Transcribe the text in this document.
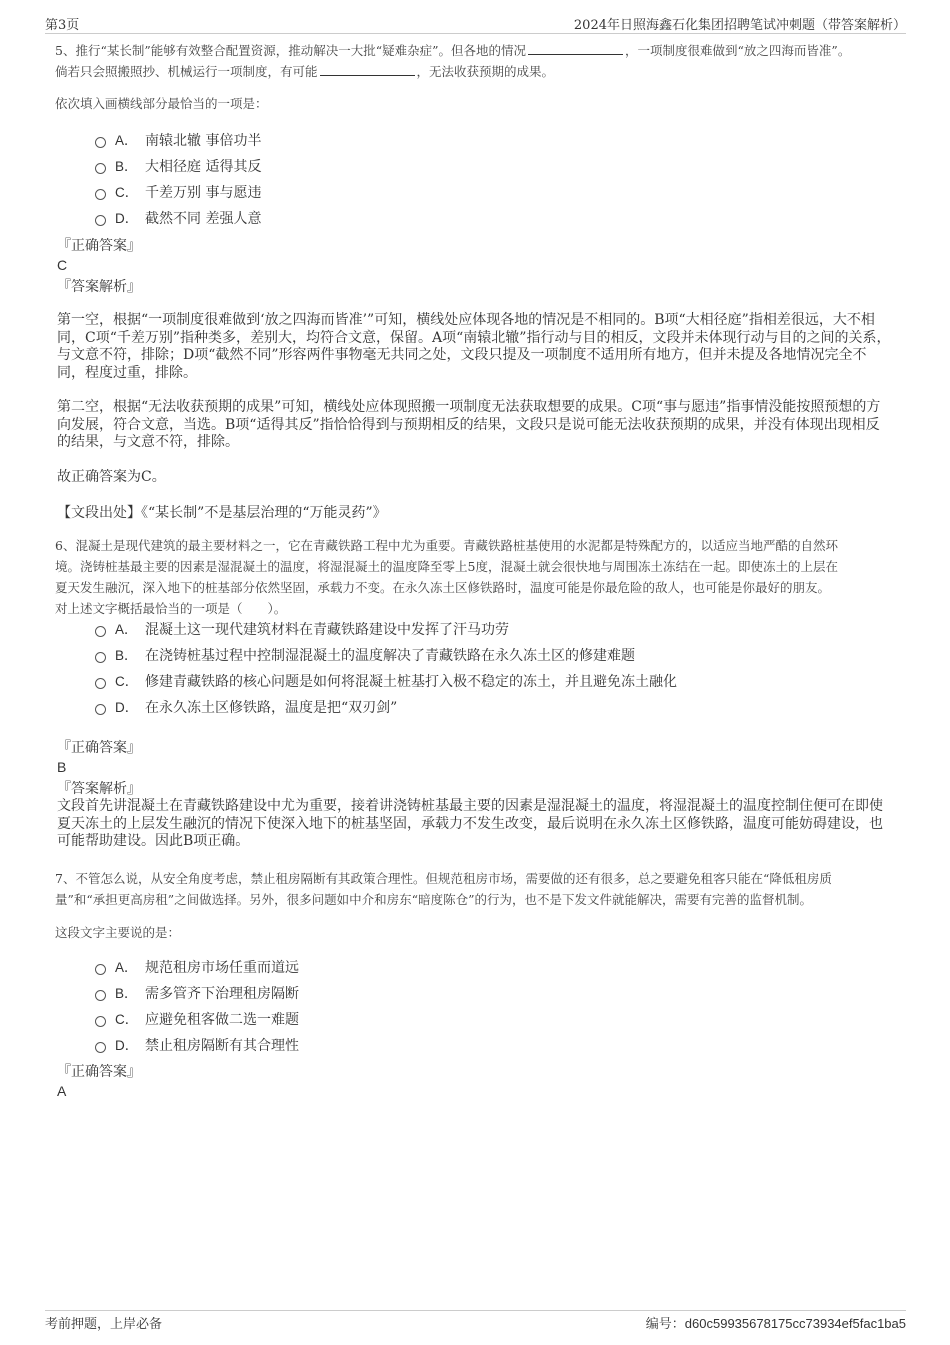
第3页	2024年日照海鑫石化集团招聘笔试冲刺题（带答案解析）

5、推行“某长制”能够有效整合配置资源，推动解决一大批“疑难杂症”。但各地的情况	，一项制度很难做到“放之四海而皆准”。
倘若只会照搬照抄、机械运行一项制度，有可能	，无法收获预期的成果。

依次填入画横线部分最恰当的一项是：
A． 南辕北辙 事倍功半
B． 大相径庭 适得其反
C． 千差万别 事与愿违
D． 截然不同 差强人意
『正确答案』
C
『答案解析』

第一空，根据“一项制度很难做到‘放之四海而皆准’”可知，横线处应体现各地的情况是不相同的。B项“大相径庭”指相差很远，大不相同，C项“千差万别”指种类多，差别大，均符合文意，保留。A项“南辕北辙”指行动与目的相反，文段并未体现行动与目的之间的关系，与文意不符，排除；D项“截然不同”形容两件事物毫无共同之处，文段只提及一项制度不适用所有地方，但并未提及各地情况完全不同，程度过重，排除。

第二空，根据“无法收获预期的成果”可知，横线处应体现照搬一项制度无法获取想要的成果。C项“事与愿违”指事情没能按照预想的方向发展，符合文意，当选。B项“适得其反”指恰恰得到与预期相反的结果，文段只是说可能无法收获预期的成果，并没有体现出现相反的结果，与文意不符，排除。

故正确答案为C。

【文段出处】《“某长制”不是基层治理的“万能灵药”》

6、混凝土是现代建筑的最主要材料之一，它在青藏铁路工程中尤为重要。青藏铁路桩基使用的水泥都是特殊配方的，以适应当地严酷的自然环
境。浇铸桩基最主要的因素是湿混凝土的温度，将湿混凝土的温度降至零上5度，混凝土就会很快地与周围冻土冻结在一起。即使冻土的上层在
夏天发生融沉，深入地下的桩基部分依然坚固，承载力不变。在永久冻土区修铁路时，温度可能是你最危险的敌人，也可能是你最好的朋友。
对上述文字概括最恰当的一项是（　　）。

A． 混凝土这一现代建筑材料在青藏铁路建设中发挥了汗马功劳
B． 在浇铸桩基过程中控制湿混凝土的温度解决了青藏铁路在永久冻土区的修建难题
C． 修建青藏铁路的核心问题是如何将混凝土桩基打入极不稳定的冻土，并且避免冻土融化
D． 在永久冻土区修铁路，温度是把“双刃剑”
『正确答案』
B
『答案解析』

文段首先讲混凝土在青藏铁路建设中尤为重要，接着讲浇铸桩基最主要的因素是湿混凝土的温度，将湿混凝土的温度控制住便可在即使夏天冻土的上层发生融沉的情况下使深入地下的桩基坚固，承载力不发生改变，最后说明在永久冻土区修铁路，温度可能妨碍建设，也可能帮助建设。因此B项正确。

7、不管怎么说，从安全角度考虑，禁止租房隔断有其政策合理性。但规范租房市场，需要做的还有很多，总之要避免租客只能在“降低租房质
量”和“承担更高房租”之间做选择。另外，很多问题如中介和房东“暗度陈仓”的行为，也不是下发文件就能解决，需要有完善的监督机制。

这段文字主要说的是：
A． 规范租房市场任重而道远
B． 需多管齐下治理租房隔断
C． 应避免租客做二选一难题
D． 禁止租房隔断有其合理性
『正确答案』
A
考前押题，上岸必备	编号：d60c59935678175cc73934ef5fac1ba5
